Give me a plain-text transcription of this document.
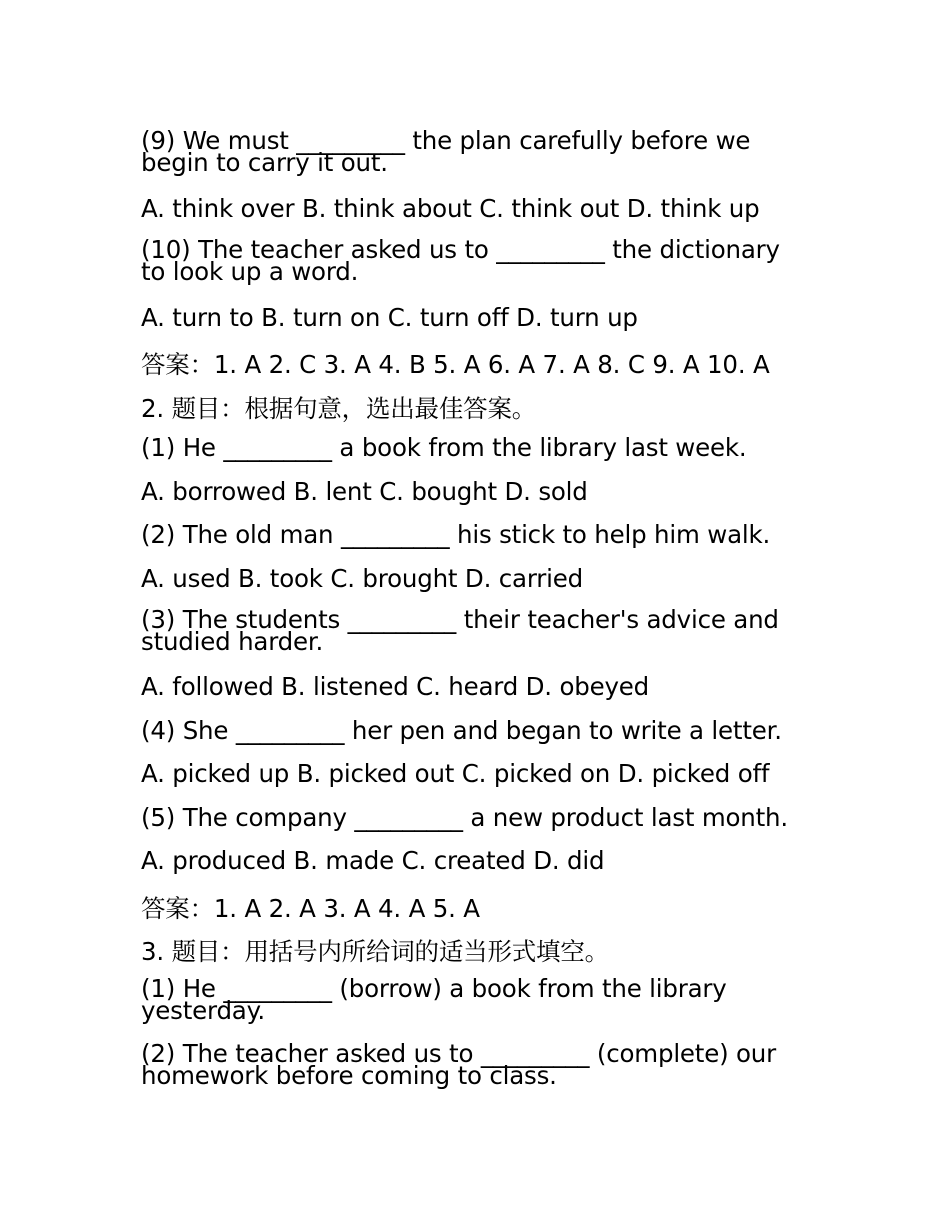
(9) We must _________ the plan carefully before we begin to carry it out.
A. think over B. think about C. think out D. think up
(10) The teacher asked us to _________ the dictionary to look up a word.
A. turn to B. turn on C. turn off D. turn up
答案：1. A 2. C 3. A 4. B 5. A 6. A 7. A 8. C 9. A 10. A
2. 题目：根据句意，选出最佳答案。
(1) He _________ a book from the library last week.
A. borrowed B. lent C. bought D. sold
(2) The old man _________ his stick to help him walk.
A. used B. took C. brought D. carried
(3) The students _________ their teacher's advice and studied harder.
A. followed B. listened C. heard D. obeyed
(4) She _________ her pen and began to write a letter.
A. picked up B. picked out C. picked on D. picked off
(5) The company _________ a new product last month.
A. produced B. made C. created D. did
答案：1. A 2. A 3. A 4. A 5. A
3. 题目：用括号内所给词的适当形式填空。
(1) He _________ (borrow) a book from the library yesterday.
(2) The teacher asked us to _________ (complete) our homework before coming to class.
